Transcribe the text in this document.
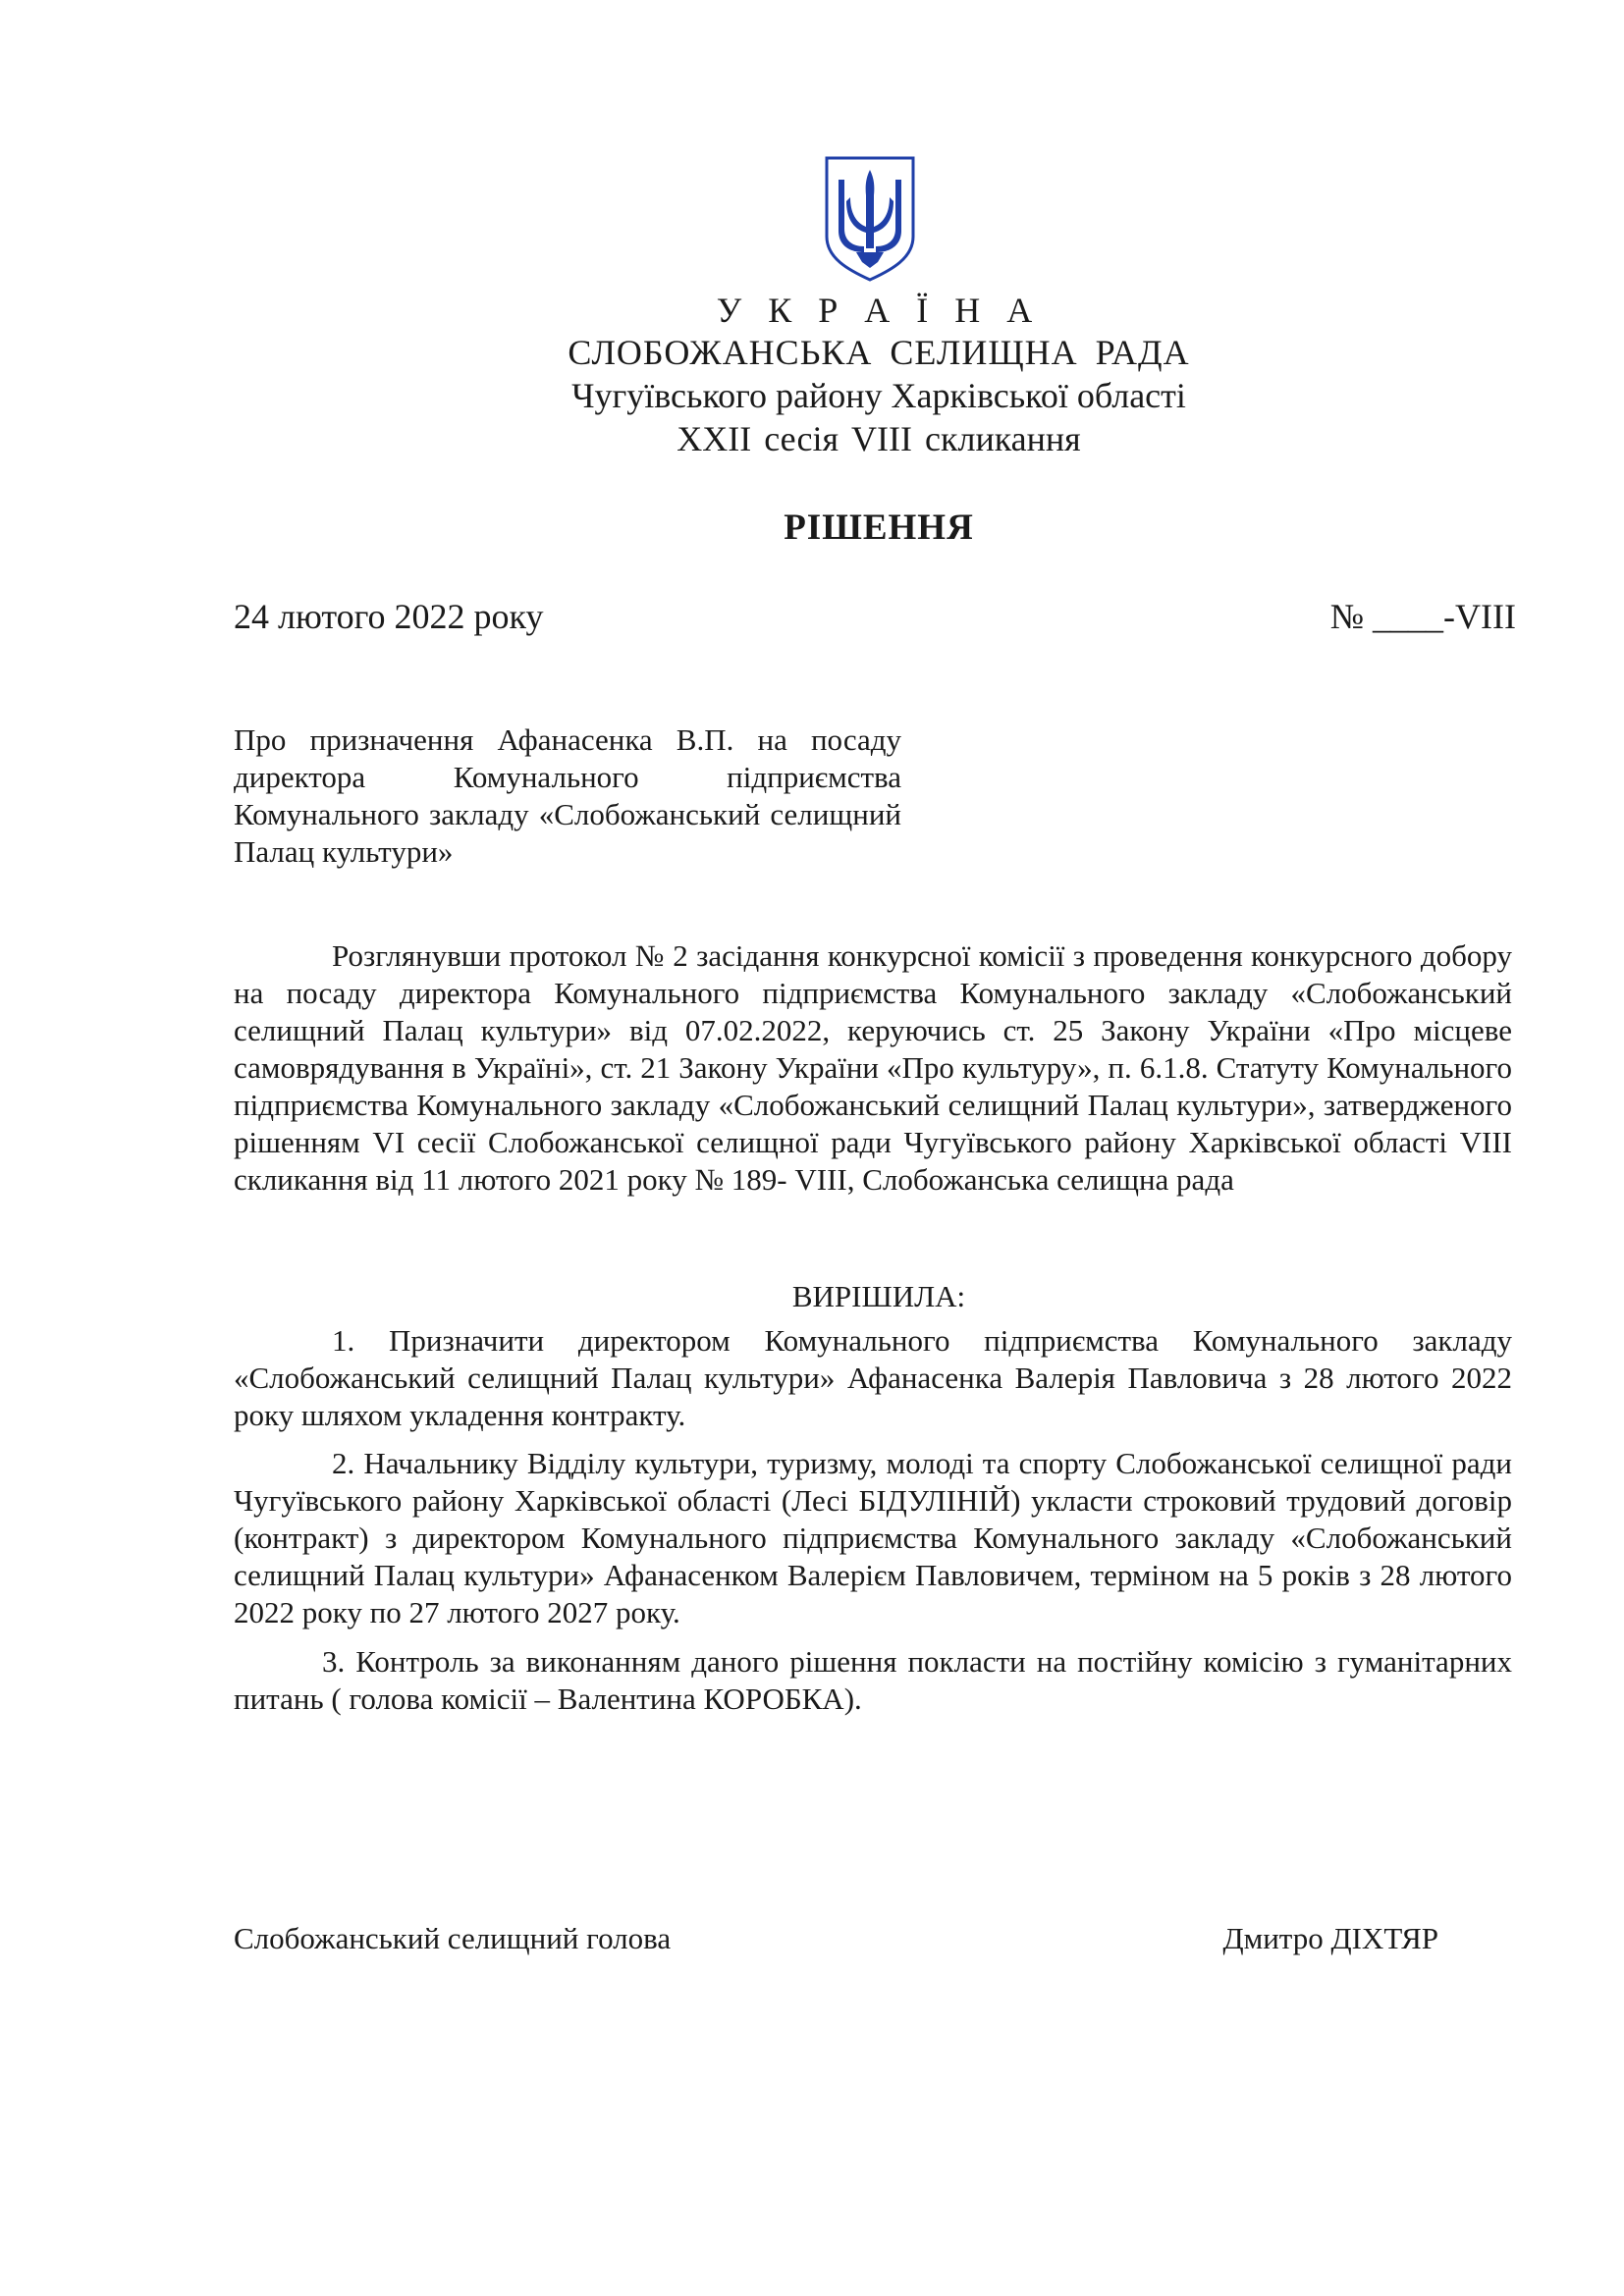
У К Р А Ї Н А
СЛОБОЖАНСЬКА СЕЛИЩНА РАДА
Чугуївського району Харківської області
XXII сесія VIII скликання
РІШЕННЯ
24 лютого 2022 року	№ ____-VIII
Про призначення Афанасенка В.П. на посаду директора Комунального підприємства Комунального закладу «Слобожанський селищний Палац культури»
Розглянувши протокол № 2 засідання конкурсної комісії з проведення конкурсного добору на посаду директора Комунального підприємства Комунального закладу «Слобожанський селищний Палац культури» від 07.02.2022, керуючись ст. 25 Закону України «Про місцеве самоврядування в Україні», ст. 21 Закону України «Про культуру», п. 6.1.8. Статуту Комунального підприємства Комунального закладу «Слобожанський селищний Палац культури», затвердженого рішенням VI сесії Слобожанської селищної ради Чугуївського району Харківської області VIII скликання від 11 лютого 2021 року № 189- VIII, Слобожанська селищна рада
ВИРІШИЛА:
1. Призначити директором Комунального підприємства Комунального закладу «Слобожанський селищний Палац культури» Афанасенка Валерія Павловича з 28 лютого 2022 року шляхом укладення контракту.
2. Начальнику Відділу культури, туризму, молоді та спорту Слобожанської селищної ради Чугуївського району Харківської області (Лесі БІДУЛІНІЙ) укласти строковий трудовий договір (контракт) з директором Комунального підприємства Комунального закладу «Слобожанський селищний Палац культури» Афанасенком Валерієм Павловичем, терміном на 5 років з 28 лютого 2022 року по 27 лютого 2027 року.
3. Контроль за виконанням даного рішення покласти на постійну комісію з гуманітарних питань ( голова комісії – Валентина КОРОБКА).
Слобожанський селищний голова	Дмитро ДІХТЯР
